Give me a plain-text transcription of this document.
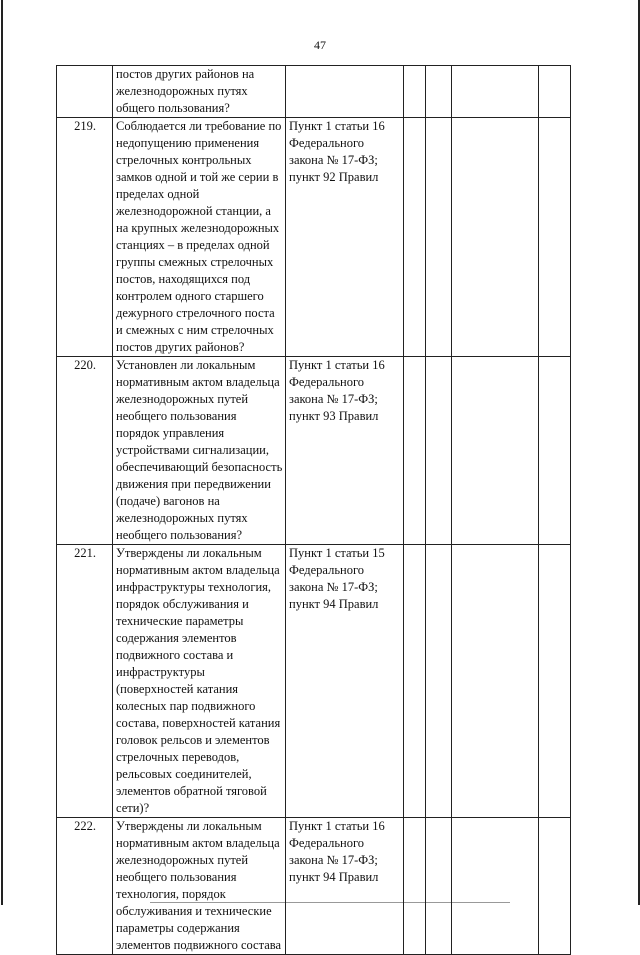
47
	постов других районов на железнодорожных путях общего пользования?					
219.	Соблюдается ли требование по недопущению применения стрелочных контрольных замков одной и той же серии в пределах одной железнодорожной станции, а на крупных железнодорожных станциях – в пределах одной группы смежных стрелочных постов, находящихся под контролем одного старшего дежурного стрелочного поста и смежных с ним стрелочных постов других районов?	Пункт 1 статьи 16 Федерального закона № 17-ФЗ; пункт 92 Правил				
220.	Установлен ли локальным нормативным актом владельца железнодорожных путей необщего пользования порядок управления устройствами сигнализации, обеспечивающий безопасность движения при передвижении (подаче) вагонов на железнодорожных путях необщего пользования?	Пункт 1 статьи 16 Федерального закона № 17-ФЗ; пункт 93 Правил				
221.	Утверждены ли локальным нормативным актом владельца инфраструктуры технология, порядок обслуживания и технические параметры содержания элементов подвижного состава и инфраструктуры (поверхностей катания колесных пар подвижного состава, поверхностей катания головок рельсов и элементов стрелочных переводов, рельсовых соединителей, элементов обратной тяговой сети)?	Пункт 1 статьи 15 Федерального закона № 17-ФЗ; пункт 94 Правил				
222.	Утверждены ли локальным нормативным актом владельца железнодорожных путей необщего пользования технология, порядок обслуживания и технические параметры содержания элементов подвижного состава	Пункт 1 статьи 16 Федерального закона № 17-ФЗ; пункт 94 Правил				
